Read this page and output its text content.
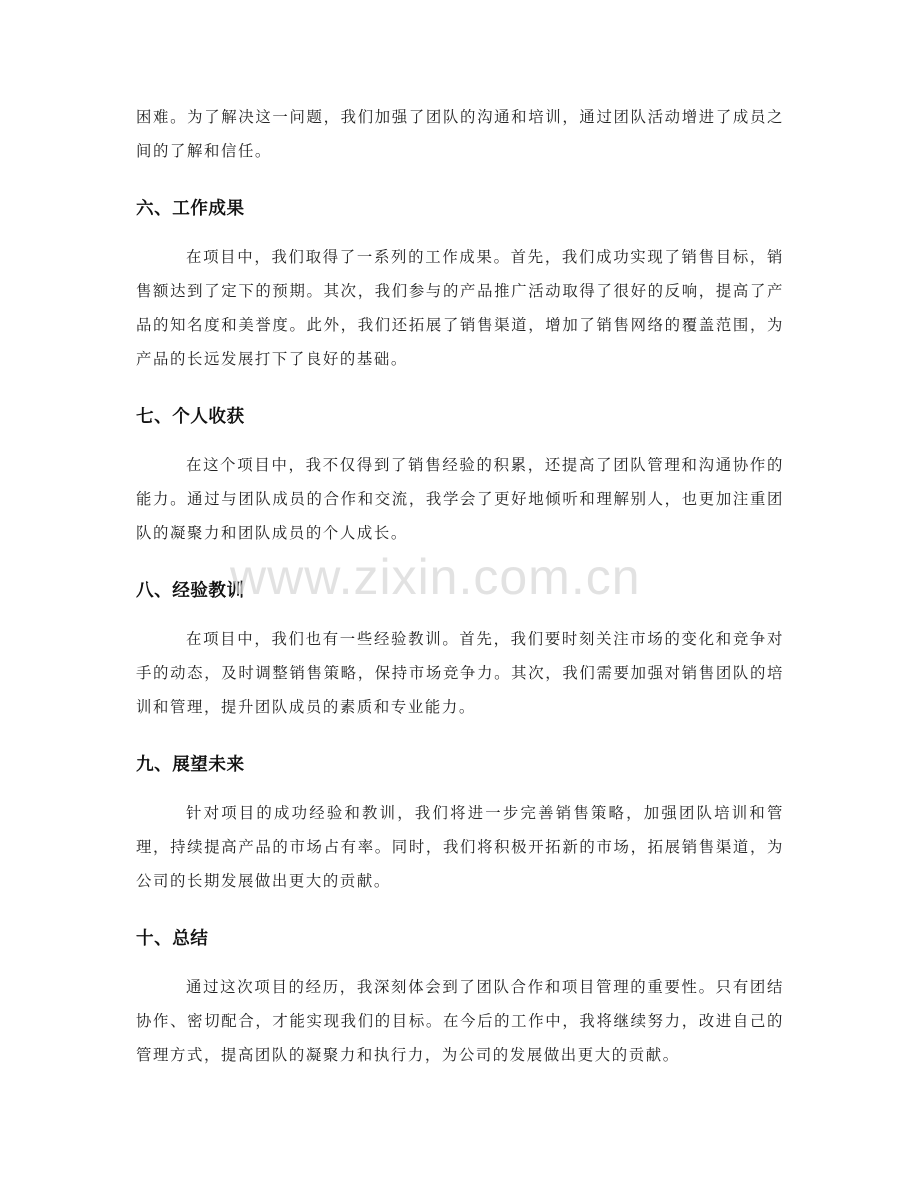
困难。为了解决这一问题，我们加强了团队的沟通和培训，通过团队活动增进了成员之间的了解和信任。

六、工作成果

在项目中，我们取得了一系列的工作成果。首先，我们成功实现了销售目标，销售额达到了定下的预期。其次，我们参与的产品推广活动取得了很好的反响，提高了产品的知名度和美誉度。此外，我们还拓展了销售渠道，增加了销售网络的覆盖范围，为产品的长远发展打下了良好的基础。

七、个人收获

在这个项目中，我不仅得到了销售经验的积累，还提高了团队管理和沟通协作的能力。通过与团队成员的合作和交流，我学会了更好地倾听和理解别人，也更加注重团队的凝聚力和团队成员的个人成长。

八、经验教训

在项目中，我们也有一些经验教训。首先，我们要时刻关注市场的变化和竞争对手的动态，及时调整销售策略，保持市场竞争力。其次，我们需要加强对销售团队的培训和管理，提升团队成员的素质和专业能力。

九、展望未来

针对项目的成功经验和教训，我们将进一步完善销售策略，加强团队培训和管理，持续提高产品的市场占有率。同时，我们将积极开拓新的市场，拓展销售渠道，为公司的长期发展做出更大的贡献。

十、总结

通过这次项目的经历，我深刻体会到了团队合作和项目管理的重要性。只有团结协作、密切配合，才能实现我们的目标。在今后的工作中，我将继续努力，改进自己的管理方式，提高团队的凝聚力和执行力，为公司的发展做出更大的贡献。

www.zixin.com.cn
